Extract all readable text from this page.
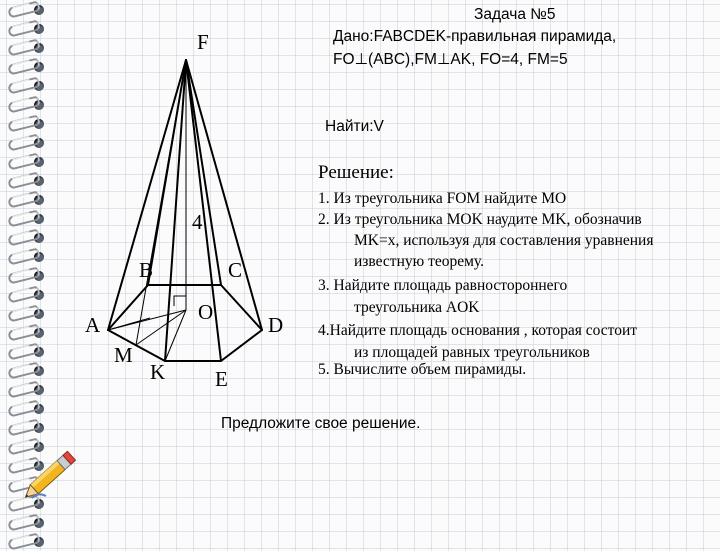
Задача №5
Дано:FABCDEK-правильная пирамида,
FO⊥(ABC),FM⊥AK, FO=4, FM=5
Найти:V
F
4
B	C
O
A	D
M
K E
Решение:
1. Из треугольника FOM найдите MO
2. Из треугольника MOK наудите MK, обозначив
MK=x, используя для составления уравнения
известную теорему.
3. Найдите площадь равностороннего
треугольника AOK
4.Найдите площадь основания , которая состоит
из площадей равных треугольников
5. Вычислите объем пирамиды.
Предложите свое решение.
